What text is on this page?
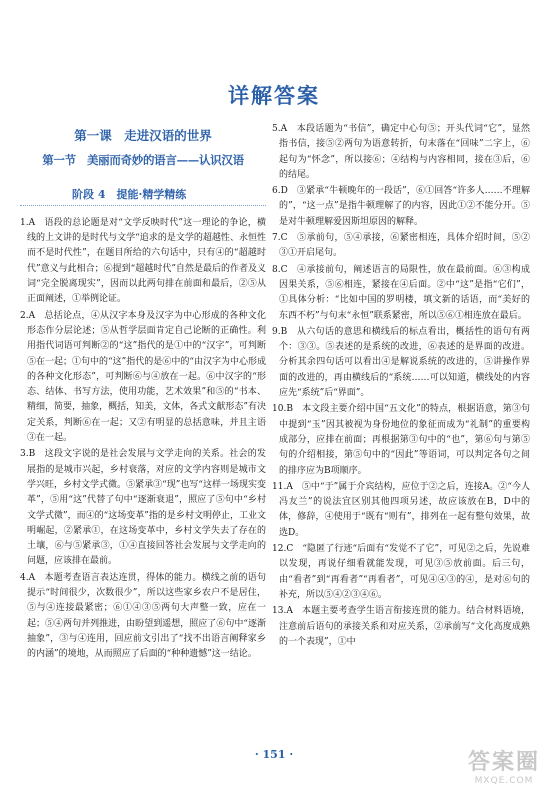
详解答案
第一课　走进汉语的世界
第一节　美丽而奇妙的语言——认识汉语
阶段 4　提能·精学精练

1.A　语段的总论题是对“文学反映时代”这一理论的争论，横线的上文讲的是时代与文学“追求的是文学的超越性、永恒性而不是时代性”，在题目所给的六句话中，只有④的“超越时代”意义与此相合；⑥提到“超越时代”自然是最后的作者及义词“完全脱离现实”，因而以此两句排在前面和最后，②⑤从正面阐述，①举例论证。

2.A　总括论点，④从汉字本身及汉字为中心形成的各种文化形态作分层论述；⑤从哲学层面肯定自己论断的正确性。利用指代词语可判断②的“这”指代的是①中的“汉字”，可判断⑤在一起；①句中的“这”指代的是⑥中的“由汉字为中心形成的各种文化形态”，可判断⑥与④放在一起。⑥中汉字的“形态、结体、书写方法，使用功能，艺术效果”和⑤的“书本、精细，简要，抽象，概括，知美，文体，各式文献形态”有决定关系，判断⑥在一起；又②有明显的总括意味，并且主语③在一起。

3.B　这段文字说的是社会发展与文学走向的关系。社会的发展指的是城市兴起，乡村衰落，对应的文学内容则是城市文学兴旺，乡村文学式微。⑤紧承③“现”也写“这样一场现实变革”，⑤用“这”代替了句中“逐渐衰退”，照应了⑤句中“乡村文学式微”，而④的“这场变革”指的是乡村文明停止，工业文明崛起，②紧承①，在这场变革中，乡村文学失去了存在的土壤，⑥与⑤紧承③，①④直接回答社会发展与文学走向的问题，应该排在最前。

4.A　本题考查语言表达连贯，得体的能力。横线之前的语句提示“时间很少，次数很少”，所以这些家乡农户不是居住，⑤与④连接最紧密；⑥①④③⑤两句大声整一致，应在一起；⑤④两句并列推进，由盼望到遥想，照应了⑥句中“逐渐抽象”，③与④连用，回应前文引出了“找不出语言阐释家乡的内涵”的境地，从而照应了后面的“种种遗憾”这一结论。

5.A　本段话题为“书信”，确定中心句⑤；开头代词“它”，显然指书信，接⑤②两句为语意转折，句末落在“回味”二字上，⑥起句为“怀念”，所以接⑥；④结构与内容相同，接在③后，⑥的结尾。

6.D　③紧承“牛顿晚年的一段话”，⑥①回答“许多人……不理解的”，“这一点”是指牛顿理解了的内容，因此①②不能分开。⑤是对牛顿理解爱因斯坦原因的解释。

7.C　⑤承前句，⑤④承接，⑥紧密相连，具体介绍时间，⑤②③①开启尾句。

8.C　④承接前句，阐述语言的局限性，放在最前面。⑥③构成因果关系，⑤⑥相连，紧接在④后面。②中“这”是指“它们”，①具体分析：“比如中国的罗明楼，填文新的话语，而“美好的东西不朽”与句末“永恒”联系紧密，所以⑤⑥①相连放在最后。

9.B　从六句话的意思和横线后的标点看出，概括性的语句有两个：③③。⑤表述的是系统的改进，⑥表述的是界面的改进。分析其余四句话可以看出④是解说系统的改进的，⑤讲操作界面的改进的，再由横线后的“系统……可以知道，横线处的内容应先“系统”后“界面”。

10.B　本文段主要介绍中国“五文化”的特点，根据语意，第③句中提到“玉”因其被视为身份地位的象征而成为“礼制”的重要构成部分，应排在前面；再根据第③句中的“也”，第⑥句与第⑤句的介绍相接，第⑤句中的“因此”等语词，可以判定各句之间的排序应为B项顺序。

11.A　⑤中“于”属于介宾结构，应位于②之后，连接A。②“今人冯友兰”的说法宜区别其他四项另述，故应该放在B，D中的体，修辞，④使用于“既有“则有”，排列在一起有整句效果，故选D。

12.C　“隐匿了行迹“后面有“发觉不了它”，可见②之后，先说难以发现，再说仔细看就能发现，可见③⑤放前面。后三句，由“看者”到“再看者”“再看者”，可见④④③的④，是对⑥句的补充，所以⑤④②③④⑥。

13.A　本题主要考查学生语言衔接连贯的能力。结合材料语境，注意前后语句的承接关系和对应关系，②承前写“文化高度成熟的一个表现”，①中

· 151 ·	答案圈
MXQE.COM
